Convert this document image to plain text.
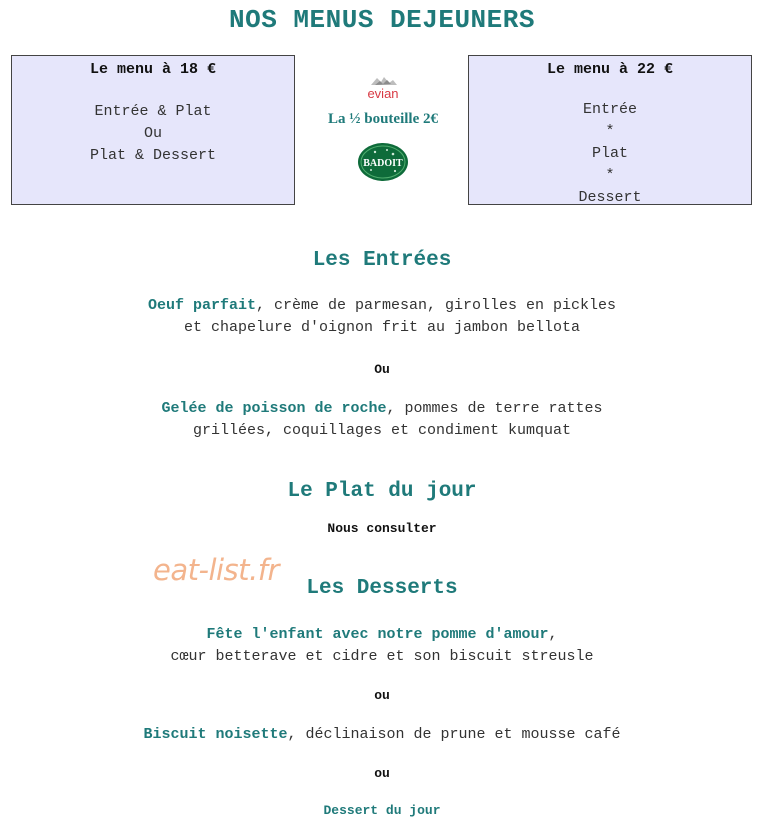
NOS MENUS DEJEUNERS
Le menu à 18 €
Entrée & Plat
Ou
Plat & Dessert
evian
La ½ bouteille 2€
BADOIT
Le menu à 22 €
Entrée
*
Plat
*
Dessert
Les Entrées
Oeuf parfait, crème de parmesan, girolles en pickles
et chapelure d'oignon frit au jambon bellota
Ou
Gelée de poisson de roche, pommes de terre rattes
grillées, coquillages et condiment kumquat
Le Plat du jour
Nous consulter
eat-list.fr
Les Desserts
Fête l'enfant avec notre pomme d'amour,
cœur betterave et cidre et son biscuit streusle
ou
Biscuit noisette, déclinaison de prune et mousse café
ou
Dessert du jour
